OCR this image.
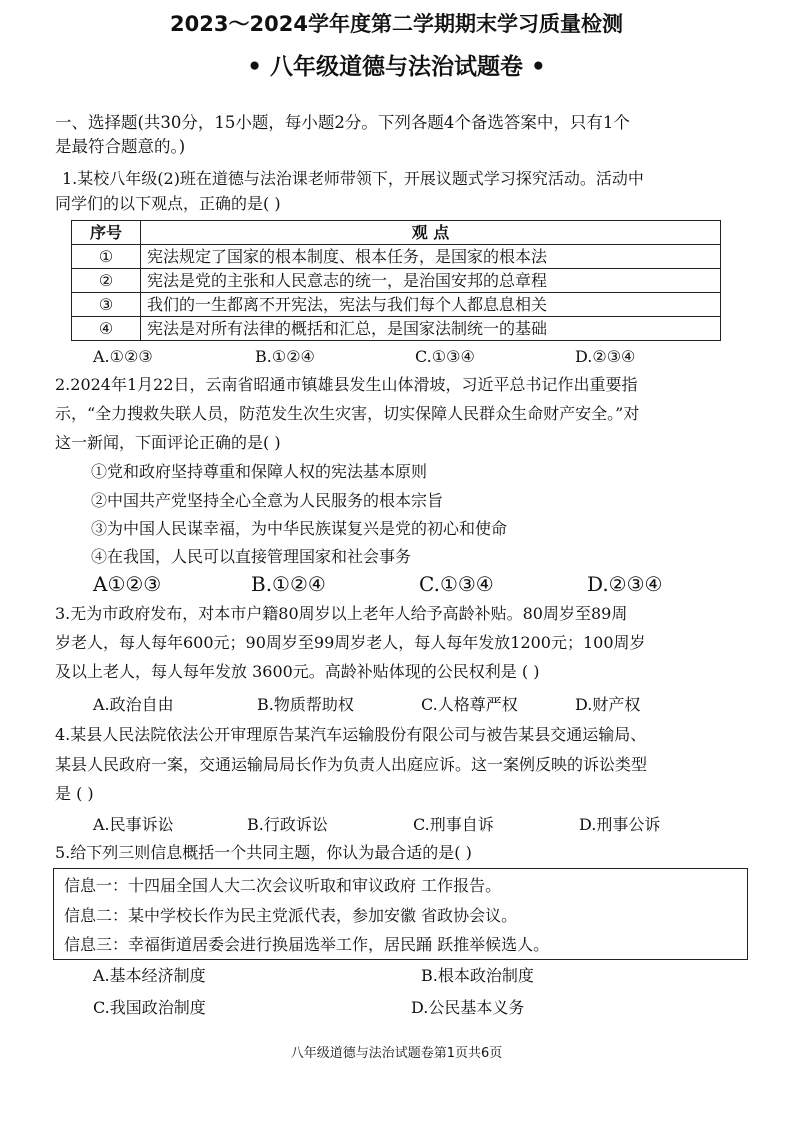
2023～2024学年度第二学期期末学习质量检测
• 八年级道德与法治试题卷 •
一、选择题(共30分，15小题，每小题2分。下列各题4个备选答案中，只有1个
是最符合题意的。)
1.某校八年级(2)班在道德与法治课老师带领下，开展议题式学习探究活动。活动中
同学们的以下观点，正确的是( )
序号	观 点
①	宪法规定了国家的根本制度、根本任务，是国家的根本法
②	宪法是党的主张和人民意志的统一，是治国安邦的总章程
③	我们的一生都离不开宪法，宪法与我们每个人都息息相关
④	宪法是对所有法律的概括和汇总，是国家法制统一的基础
A.①②③	B.①②④	C.①③④	D.②③④
2.2024年1月22日，云南省昭通市镇雄县发生山体滑坡，习近平总书记作出重要指
示，“全力搜救失联人员，防范发生次生灾害，切实保障人民群众生命财产安全。”对
这一新闻，下面评论正确的是( )
①党和政府坚持尊重和保障人权的宪法基本原则
②中国共产党坚持全心全意为人民服务的根本宗旨
③为中国人民谋幸福，为中华民族谋复兴是党的初心和使命
④在我国，人民可以直接管理国家和社会事务
A①②③	B.①②④	C.①③④	D.②③④
3.无为市政府发布，对本市户籍80周岁以上老年人给予高龄补贴。80周岁至89周
岁老人，每人每年600元；90周岁至99周岁老人，每人每年发放1200元；100周岁
及以上老人，每人每年发放 3600元。高龄补贴体现的公民权利是 ( )
A.政治自由	B.物质帮助权	C.人格尊严权	D.财产权
4.某县人民法院依法公开审理原告某汽车运输股份有限公司与被告某县交通运输局、
某县人民政府一案，交通运输局局长作为负责人出庭应诉。这一案例反映的诉讼类型
是 ( )
A.民事诉讼	B.行政诉讼	C.刑事自诉	D.刑事公诉
5.给下列三则信息概括一个共同主题，你认为最合适的是( )
信息一：十四届全国人大二次会议听取和审议政府 工作报告。
信息二：某中学校长作为民主党派代表，参加安徽 省政协会议。
信息三：幸福街道居委会进行换届选举工作，居民踊 跃推举候选人。
A.基本经济制度	B.根本政治制度
C.我国政治制度	D.公民基本义务
八年级道德与法治试题卷第1页共6页
